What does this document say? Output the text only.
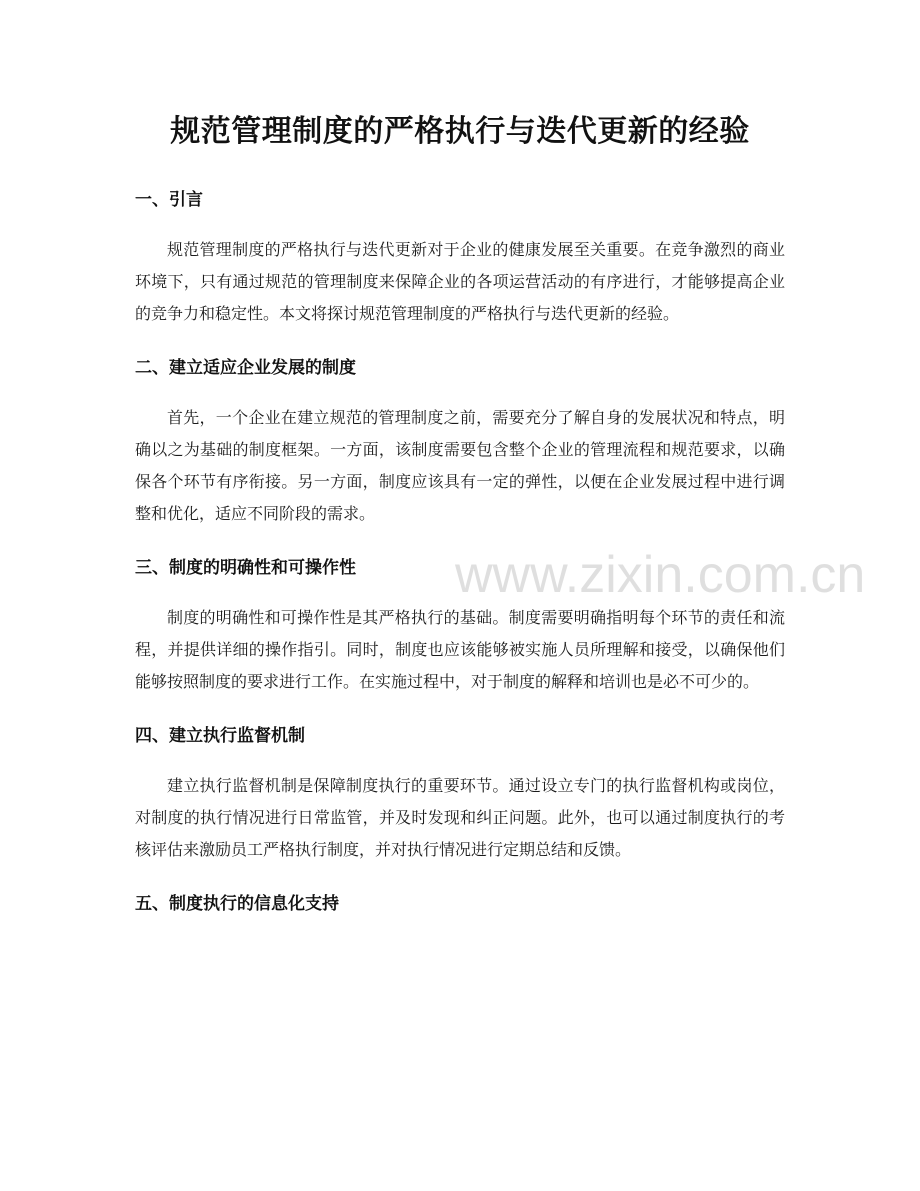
规范管理制度的严格执行与迭代更新的经验
一、引言

规范管理制度的严格执行与迭代更新对于企业的健康发展至关重要。在竞争激烈的商业环境下，只有通过规范的管理制度来保障企业的各项运营活动的有序进行，才能够提高企业的竞争力和稳定性。本文将探讨规范管理制度的严格执行与迭代更新的经验。

二、建立适应企业发展的制度

首先，一个企业在建立规范的管理制度之前，需要充分了解自身的发展状况和特点，明确以之为基础的制度框架。一方面，该制度需要包含整个企业的管理流程和规范要求，以确保各个环节有序衔接。另一方面，制度应该具有一定的弹性，以便在企业发展过程中进行调整和优化，适应不同阶段的需求。

三、制度的明确性和可操作性

制度的明确性和可操作性是其严格执行的基础。制度需要明确指明每个环节的责任和流程，并提供详细的操作指引。同时，制度也应该能够被实施人员所理解和接受，以确保他们能够按照制度的要求进行工作。在实施过程中，对于制度的解释和培训也是必不可少的。

四、建立执行监督机制

建立执行监督机制是保障制度执行的重要环节。通过设立专门的执行监督机构或岗位，对制度的执行情况进行日常监管，并及时发现和纠正问题。此外，也可以通过制度执行的考核评估来激励员工严格执行制度，并对执行情况进行定期总结和反馈。

五、制度执行的信息化支持
www.zixin.com.cn
